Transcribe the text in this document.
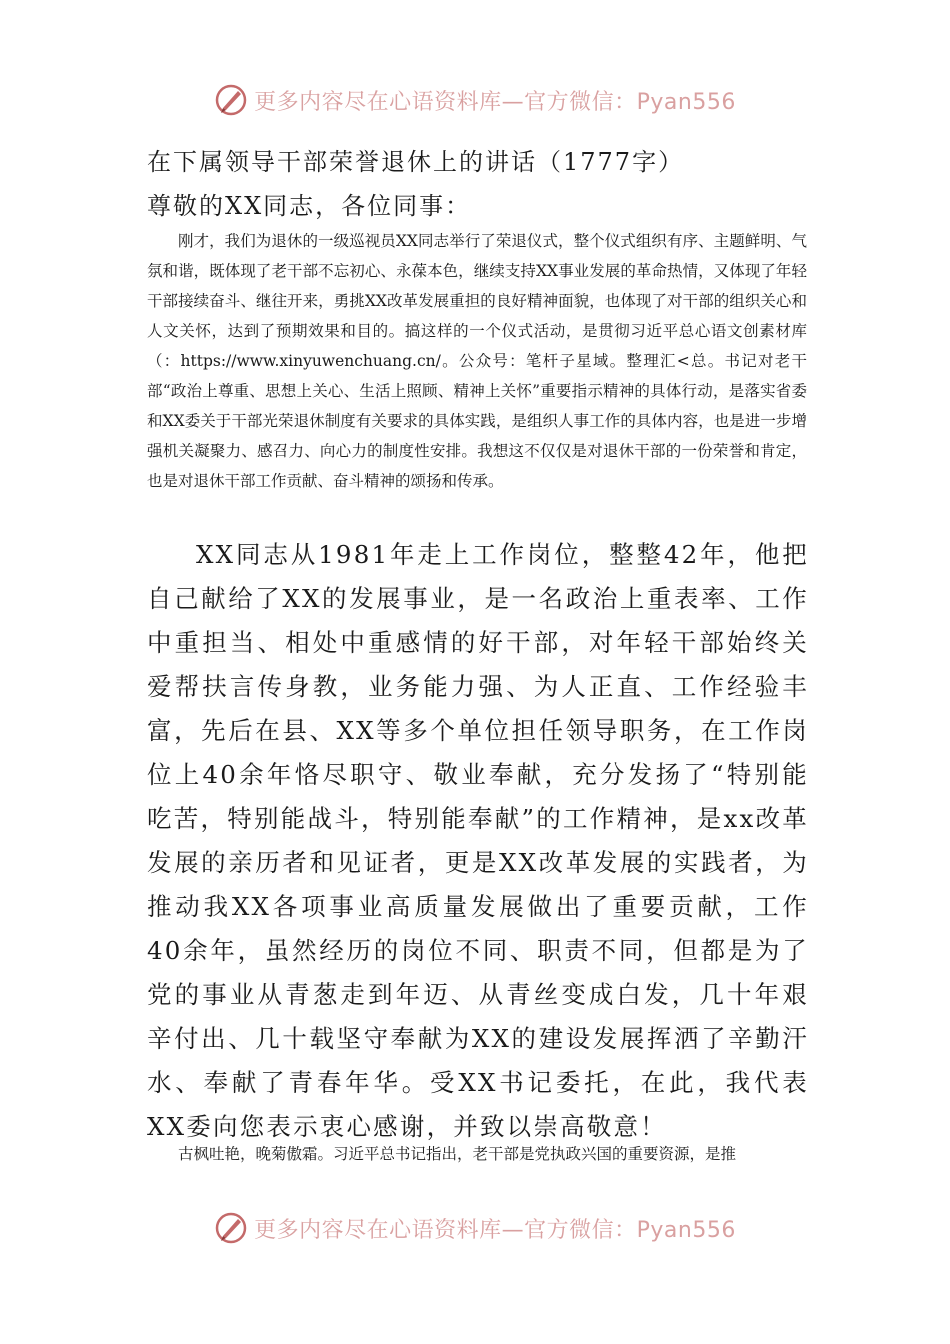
更多内容尽在心语资料库—官方微信：Pyan556
在下属领导干部荣誉退休上的讲话（1777字）
尊敬的XX同志，各位同事：

刚才，我们为退休的一级巡视员XX同志举行了荣退仪式，整个仪式组织有序、主题鲜明、气氛和谐，既体现了老干部不忘初心、永葆本色，继续支持XX事业发展的革命热情，又体现了年轻干部接续奋斗、继往开来，勇挑XX改革发展重担的良好精神面貌，也体现了对干部的组织关心和人文关怀，达到了预期效果和目的。搞这样的一个仪式活动，是贯彻习近平总心语文创素材库（：https://www.xinyuwenchuang.cn/。公众号：笔杆子星域。整理汇<总。书记对老干部“政治上尊重、思想上关心、生活上照顾、精神上关怀”重要指示精神的具体行动，是落实省委和XX委关于干部光荣退休制度有关要求的具体实践，是组织人事工作的具体内容，也是进一步增强机关凝聚力、感召力、向心力的制度性安排。我想这不仅仅是对退休干部的一份荣誉和肯定，也是对退休干部工作贡献、奋斗精神的颂扬和传承。

XX同志从1981年走上工作岗位，整整42年，他把自己献给了XX的发展事业，是一名政治上重表率、工作中重担当、相处中重感情的好干部，对年轻干部始终关爱帮扶言传身教，业务能力强、为人正直、工作经验丰富，先后在县、XX等多个单位担任领导职务，在工作岗位上40余年恪尽职守、敬业奉献，充分发扬了“特别能吃苦，特别能战斗，特别能奉献”的工作精神，是xx改革发展的亲历者和见证者，更是XX改革发展的实践者，为推动我XX各项事业高质量发展做出了重要贡献，工作40余年，虽然经历的岗位不同、职责不同，但都是为了党的事业从青葱走到年迈、从青丝变成白发，几十年艰辛付出、几十载坚守奉献为XX的建设发展挥洒了辛勤汗水、奉献了青春年华。受XX书记委托，在此，我代表XX委向您表示衷心感谢，并致以崇高敬意！

古枫吐艳，晚菊傲霜。习近平总书记指出，老干部是党执政兴国的重要资源，是推

更多内容尽在心语资料库—官方微信：Pyan556
